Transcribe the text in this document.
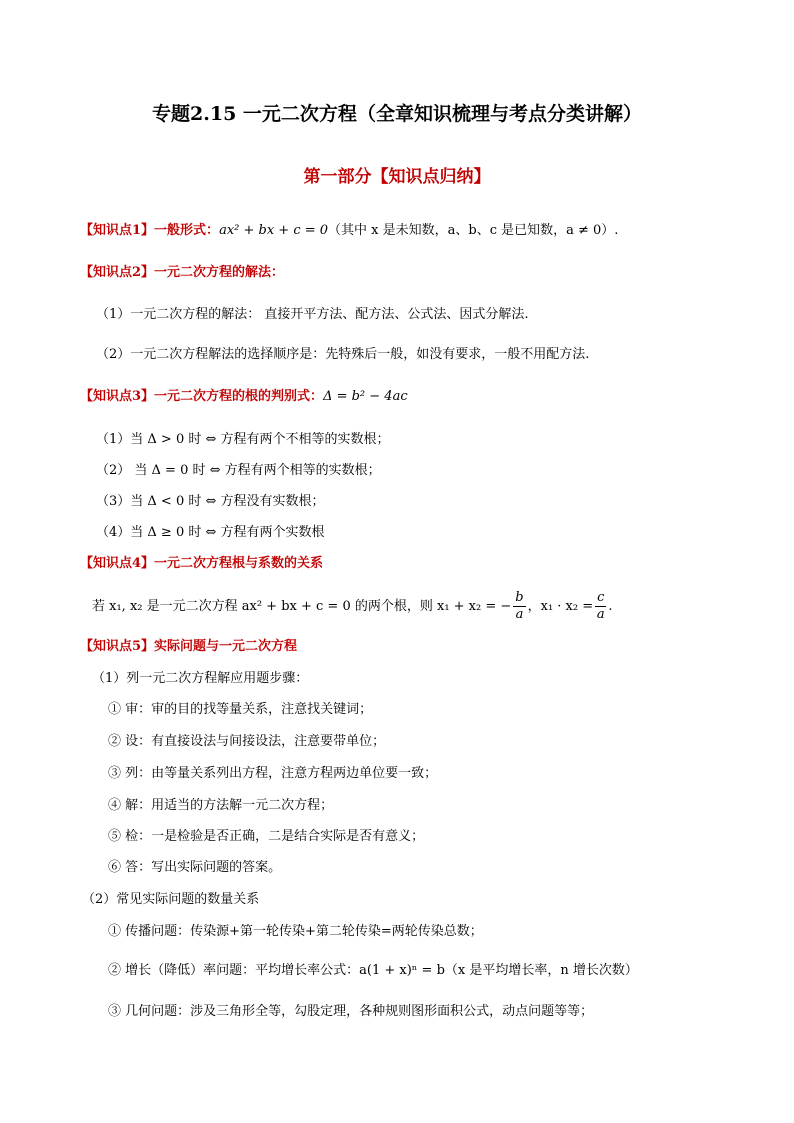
专题2.15 一元二次方程（全章知识梳理与考点分类讲解）
第一部分【知识点归纳】
【知识点1】一般形式：ax² + bx + c = 0（其中 x 是未知数，a、b、c 是已知数，a ≠ 0）.
【知识点2】一元二次方程的解法：
（1）一元二次方程的解法： 直接开平方法、配方法、公式法、因式分解法.
（2）一元二次方程解法的选择顺序是：先特殊后一般，如没有要求，一般不用配方法.
【知识点3】一元二次方程的根的判别式：Δ = b² − 4ac
（1）当 Δ > 0 时 ⇔ 方程有两个不相等的实数根；
（2） 当 Δ = 0 时 ⇔ 方程有两个相等的实数根；
（3）当 Δ < 0 时 ⇔ 方程没有实数根；
（4）当 Δ ≥ 0 时 ⇔ 方程有两个实数根
【知识点4】一元二次方程根与系数的关系
若 x₁, x₂ 是一元二次方程 ax² + bx + c = 0 的两个根，则 x₁ + x₂ = − $\frac{b}{a}$ ，$x_1 \cdot x_2 = \frac{c}{a}$ .
【知识点5】实际问题与一元二次方程
（1）列一元二次方程解应用题步骤：
① 审：审的目的找等量关系，注意找关键词；
② 设：有直接设法与间接设法，注意要带单位；
③ 列：由等量关系列出方程，注意方程两边单位要一致；
④ 解：用适当的方法解一元二次方程；
⑤ 检：一是检验是否正确，二是结合实际是否有意义；
⑥ 答：写出实际问题的答案。
（2）常见实际问题的数量关系
① 传播问题：传染源+第一轮传染+第二轮传染=两轮传染总数；
② 增长（降低）率问题：平均增长率公式：a(1 + x)ⁿ = b（x 是平均增长率，n 增长次数）
③ 几何问题：涉及三角形全等，勾股定理，各种规则图形面积公式，动点问题等等；
